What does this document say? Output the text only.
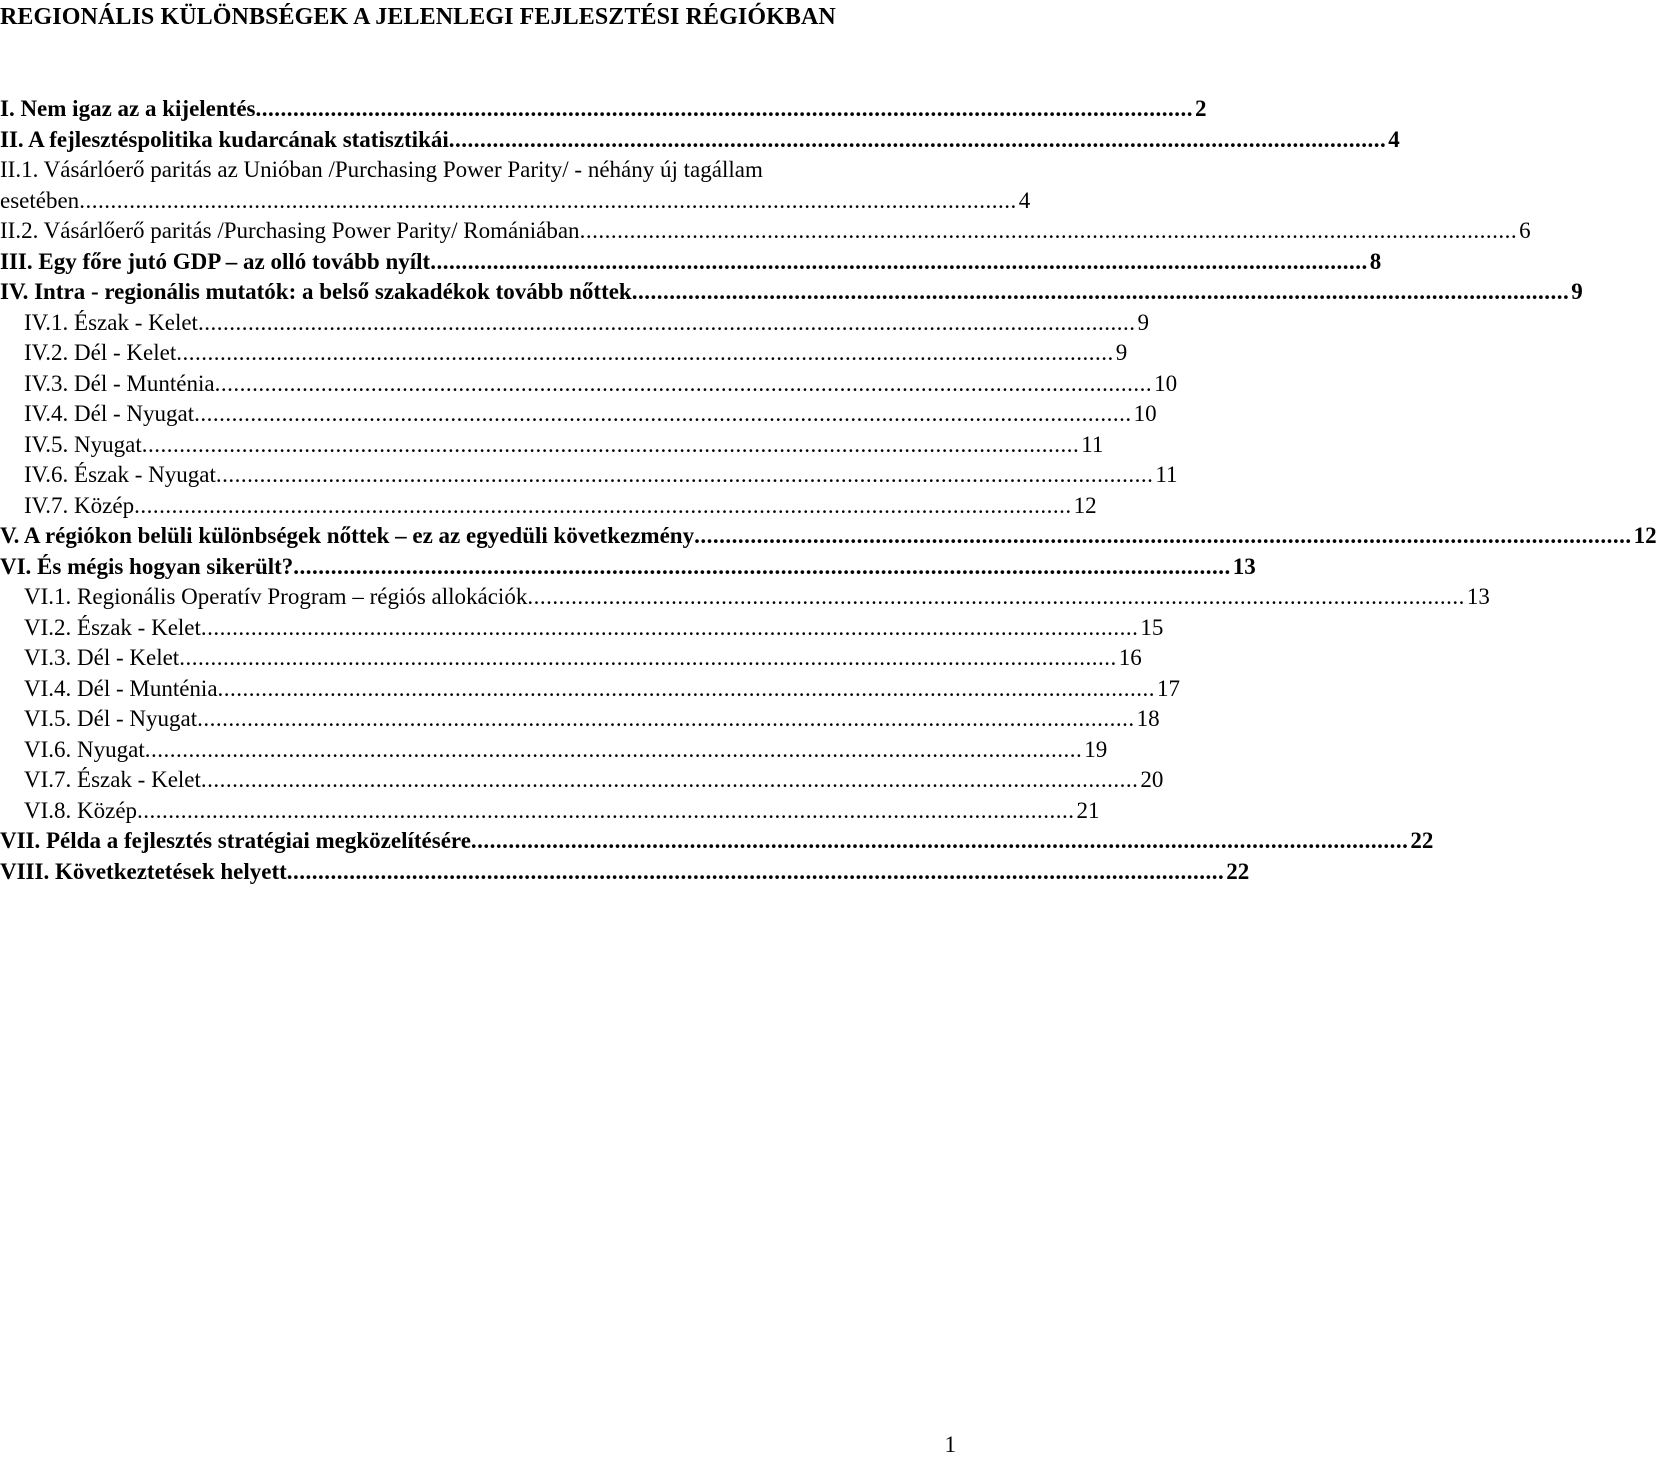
REGIONÁLIS KÜLÖNBSÉGEK A JELENLEGI FEJLESZTÉSI RÉGIÓKBAN
I. Nem igaz az a kijelentés ...................................................................................................................................................... 2
II. A fejlesztéspolitika kudarcának statisztikái ...................................................................................................................................................... 4
II.1. Vásárlóerő paritás az Unióban /Purchasing Power Parity/ - néhány új tagállam
esetében ...................................................................................................................................................... 4
II.2. Vásárlőerő paritás /Purchasing Power Parity/ Romániában ...................................................................................................................................................... 6
III. Egy főre jutó GDP – az olló tovább nyílt ...................................................................................................................................................... 8
IV. Intra - regionális mutatók: a belső szakadékok tovább nőttek ...................................................................................................................................................... 9
IV.1. Észak - Kelet ...................................................................................................................................................... 9
IV.2. Dél - Kelet ...................................................................................................................................................... 9
IV.3. Dél - Munténia ...................................................................................................................................................... 10
IV.4. Dél - Nyugat ...................................................................................................................................................... 10
IV.5. Nyugat ...................................................................................................................................................... 11
IV.6. Észak - Nyugat ...................................................................................................................................................... 11
IV.7. Közép ...................................................................................................................................................... 12
V. A régiókon belüli különbségek nőttek – ez az egyedüli következmény ...................................................................................................................................................... 12
VI. És mégis hogyan sikerült? ...................................................................................................................................................... 13
VI.1. Regionális Operatív Program – régiós allokációk ...................................................................................................................................................... 13
VI.2. Észak - Kelet ...................................................................................................................................................... 15
VI.3. Dél - Kelet ...................................................................................................................................................... 16
VI.4. Dél - Munténia ...................................................................................................................................................... 17
VI.5. Dél - Nyugat ...................................................................................................................................................... 18
VI.6. Nyugat ...................................................................................................................................................... 19
VI.7. Észak - Kelet ...................................................................................................................................................... 20
VI.8. Közép ...................................................................................................................................................... 21
VII. Példa a fejlesztés stratégiai megközelítésére ...................................................................................................................................................... 22
VIII. Következtetések helyett ...................................................................................................................................................... 22
1
